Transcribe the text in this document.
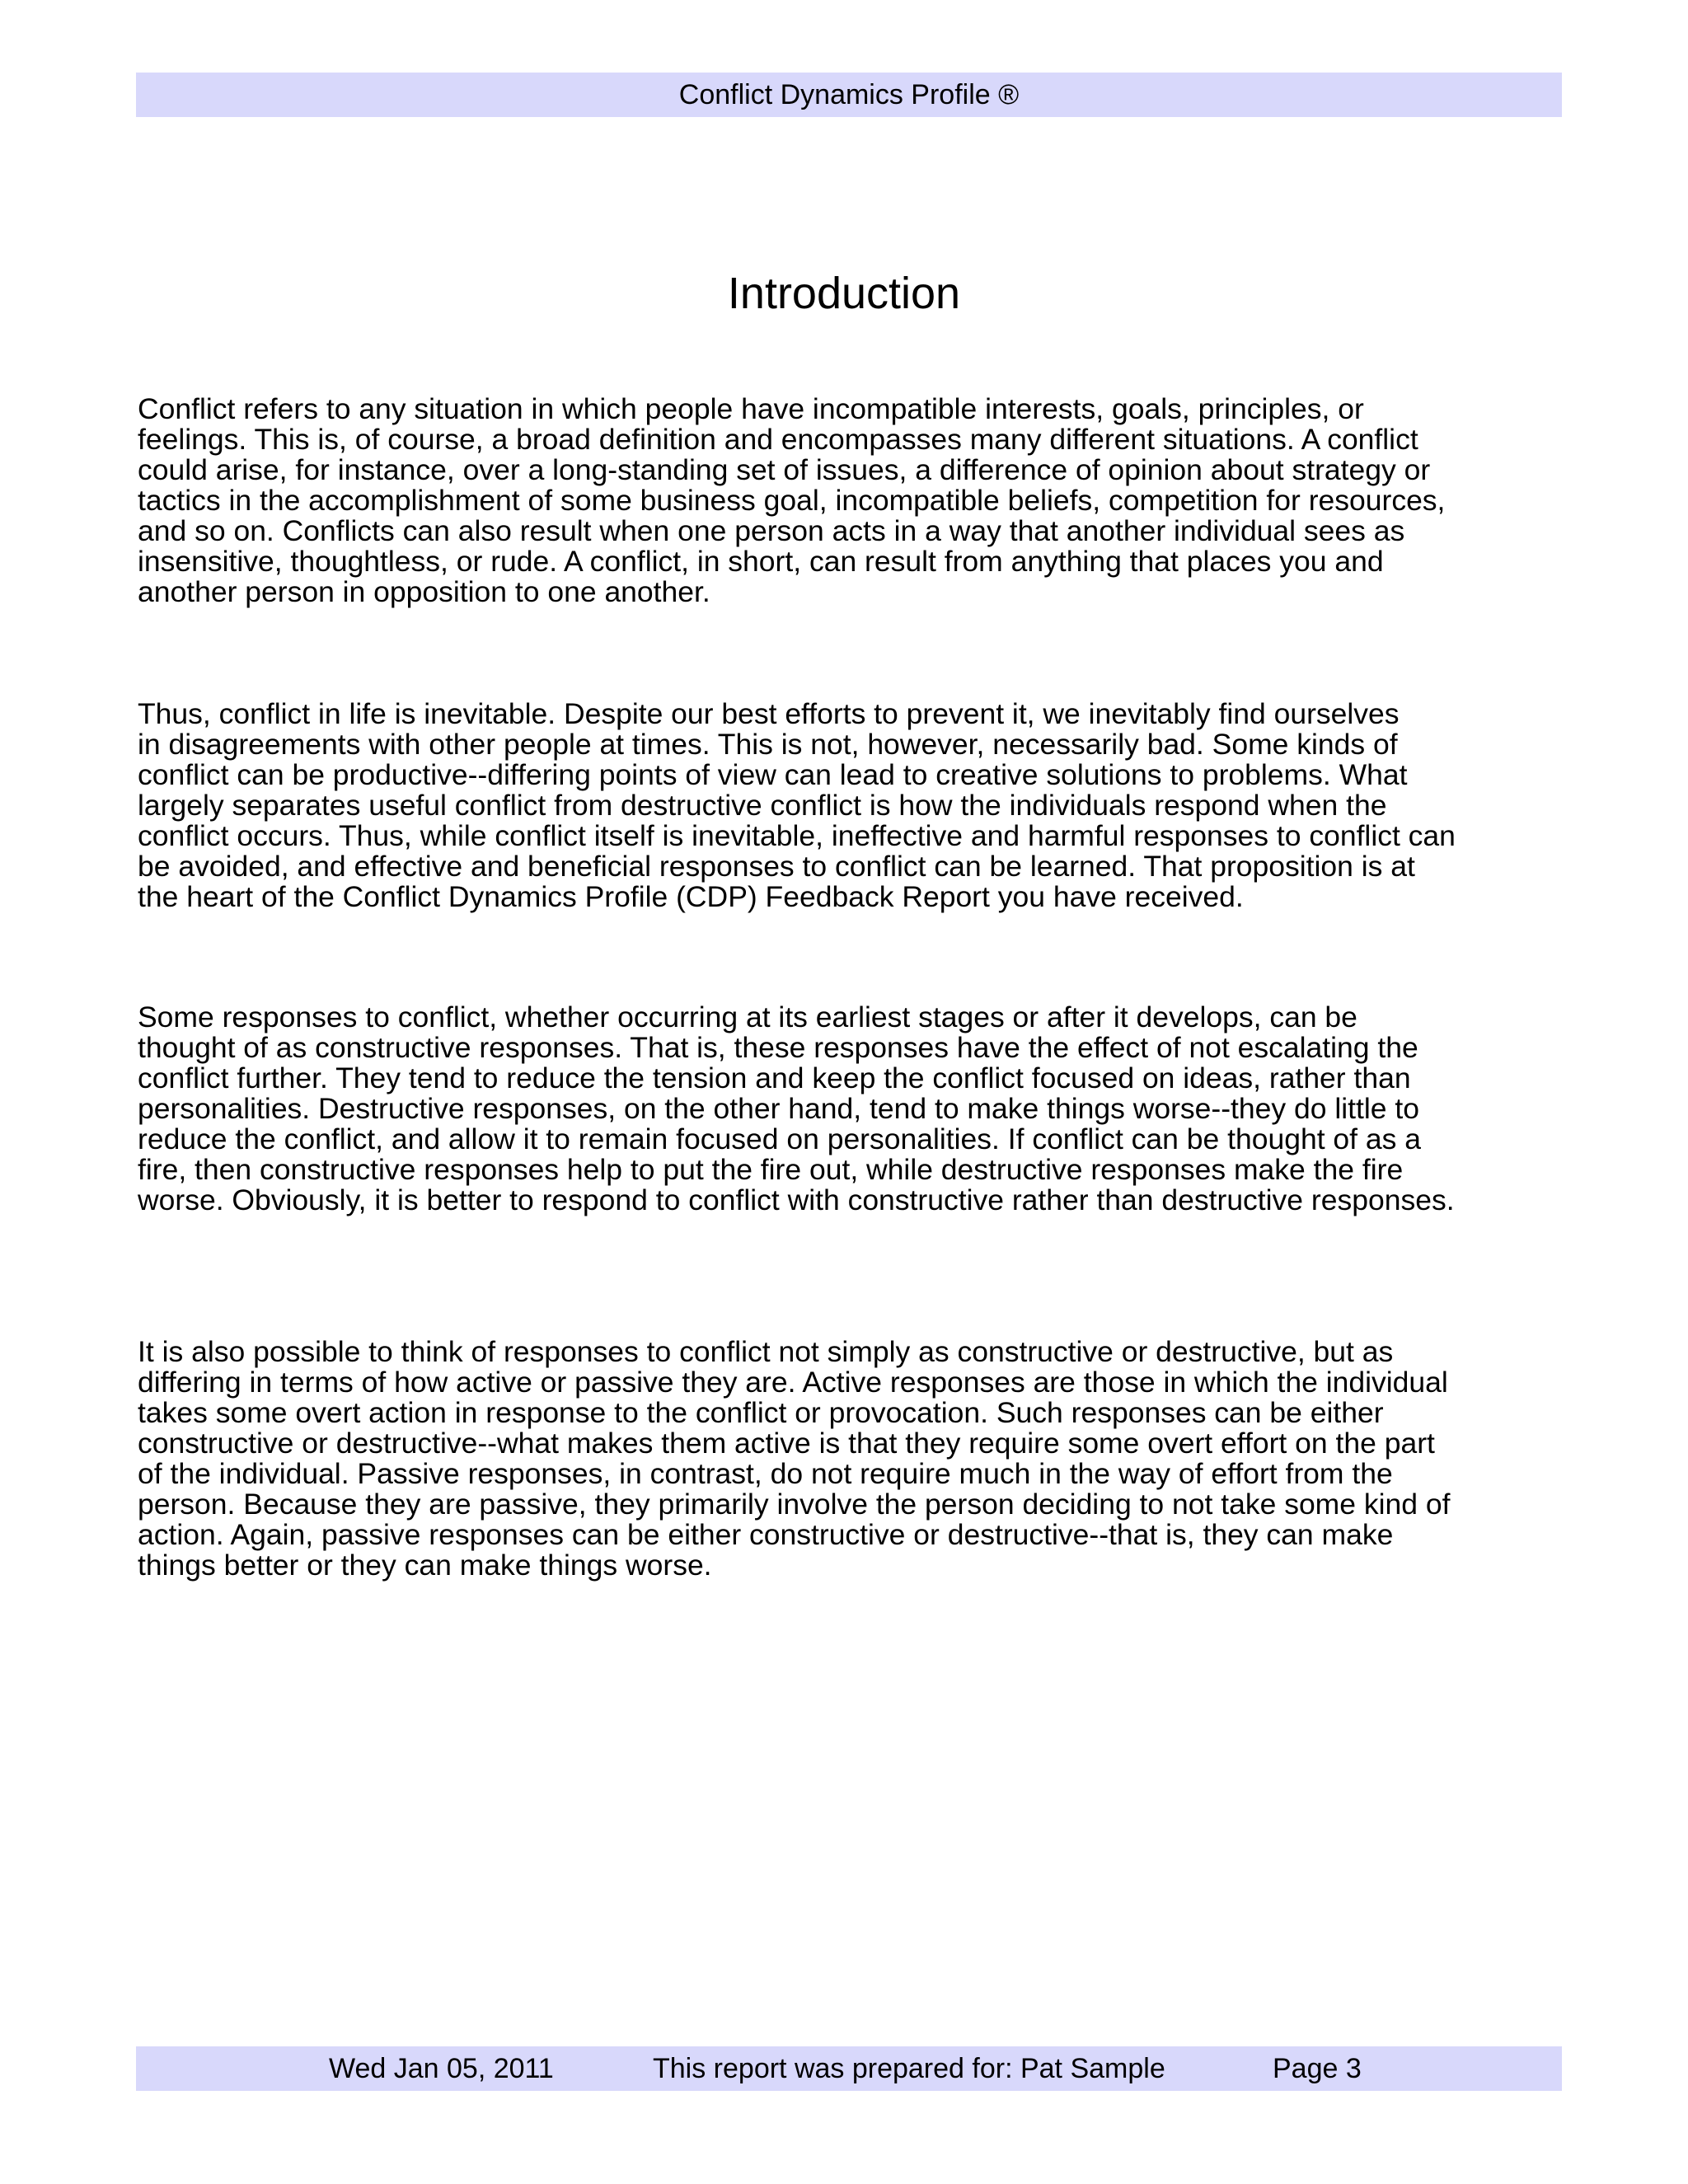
Conflict Dynamics Profile ®
Introduction

Conflict refers to any situation in which people have incompatible interests, goals, principles, or
feelings. This is, of course, a broad definition and encompasses many different situations. A conflict
could arise, for instance, over a long-standing set of issues, a difference of opinion about strategy or
tactics in the accomplishment of some business goal, incompatible beliefs, competition for resources,
and so on. Conflicts can also result when one person acts in a way that another individual sees as
insensitive, thoughtless, or rude. A conflict, in short, can result from anything that places you and
another person in opposition to one another.

Thus, conflict in life is inevitable. Despite our best efforts to prevent it, we inevitably find ourselves
in disagreements with other people at times. This is not, however, necessarily bad. Some kinds of
conflict can be productive--differing points of view can lead to creative solutions to problems. What
largely separates useful conflict from destructive conflict is how the individuals respond when the
conflict occurs. Thus, while conflict itself is inevitable, ineffective and harmful responses to conflict can
be avoided, and effective and beneficial responses to conflict can be learned. That proposition is at
the heart of the Conflict Dynamics Profile (CDP) Feedback Report you have received.

Some responses to conflict, whether occurring at its earliest stages or after it develops, can be
thought of as constructive responses. That is, these responses have the effect of not escalating the
conflict further. They tend to reduce the tension and keep the conflict focused on ideas, rather than
personalities. Destructive responses, on the other hand, tend to make things worse--they do little to
reduce the conflict, and allow it to remain focused on personalities. If conflict can be thought of as a
fire, then constructive responses help to put the fire out, while destructive responses make the fire
worse. Obviously, it is better to respond to conflict with constructive rather than destructive responses.

It is also possible to think of responses to conflict not simply as constructive or destructive, but as
differing in terms of how active or passive they are. Active responses are those in which the individual
takes some overt action in response to the conflict or provocation. Such responses can be either
constructive or destructive--what makes them active is that they require some overt effort on the part
of the individual. Passive responses, in contrast, do not require much in the way of effort from the
person. Because they are passive, they primarily involve the person deciding to not take some kind of
action. Again, passive responses can be either constructive or destructive--that is, they can make
things better or they can make things worse.

Wed Jan 05, 2011	This report was prepared for: Pat Sample	Page 3
